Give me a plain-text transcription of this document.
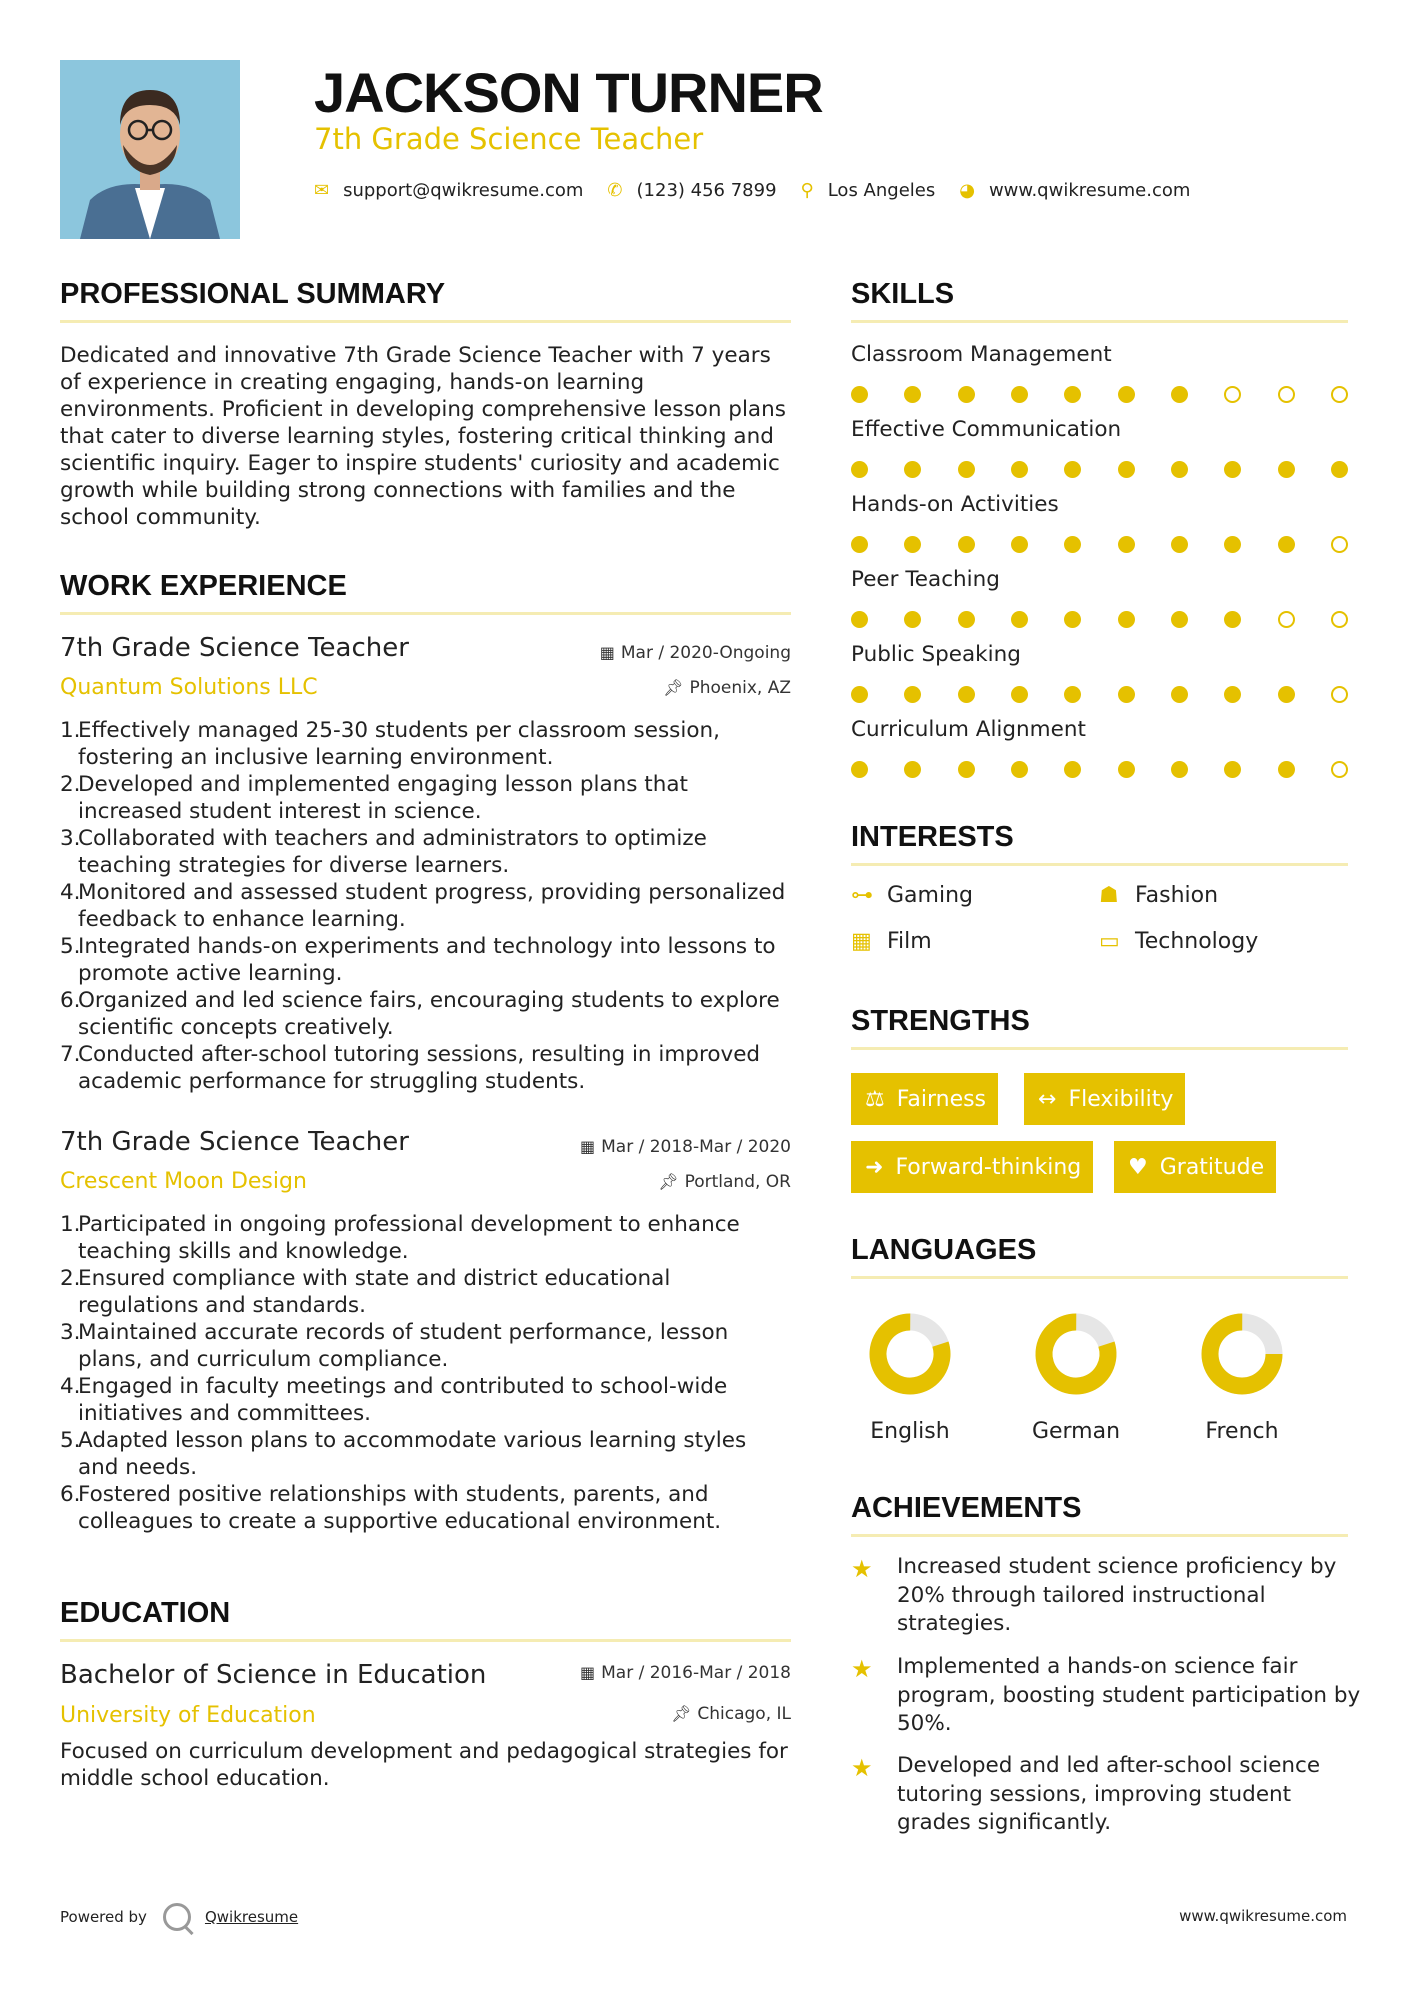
JACKSON TURNER
7th Grade Science Teacher
✉ support@qwikresume.com ✆ (123) 456 7899 ⚲ Los Angeles ◕ www.qwikresume.com
PROFESSIONAL SUMMARY
Dedicated and innovative 7th Grade Science Teacher with 7 years of experience in creating engaging, hands-on learning environments. Proficient in developing comprehensive lesson plans that cater to diverse learning styles, fostering critical thinking and scientific inquiry. Eager to inspire students' curiosity and academic growth while building strong connections with families and the school community.
WORK EXPERIENCE
7th Grade Science Teacher	▦ Mar / 2020-Ongoing
Quantum Solutions LLC	📌︎ Phoenix, AZ
1.
Effectively managed 25-30 students per classroom session, fostering an inclusive learning environment.
2.
Developed and implemented engaging lesson plans that increased student interest in science.
3.
Collaborated with teachers and administrators to optimize teaching strategies for diverse learners.
4.
Monitored and assessed student progress, providing personalized feedback to enhance learning.
5.
Integrated hands-on experiments and technology into lessons to promote active learning.
6.
Organized and led science fairs, encouraging students to explore scientific concepts creatively.
7.
Conducted after-school tutoring sessions, resulting in improved academic performance for struggling students.
7th Grade Science Teacher	▦ Mar / 2018-Mar / 2020
Crescent Moon Design	📌︎ Portland, OR
1.
Participated in ongoing professional development to enhance teaching skills and knowledge.
2.
Ensured compliance with state and district educational regulations and standards.
3.
Maintained accurate records of student performance, lesson plans, and curriculum compliance.
4.
Engaged in faculty meetings and contributed to school-wide initiatives and committees.
5.
Adapted lesson plans to accommodate various learning styles and needs.
6.
Fostered positive relationships with students, parents, and colleagues to create a supportive educational environment.
EDUCATION
Bachelor of Science in Education	▦ Mar / 2016-Mar / 2018
University of Education	📌︎ Chicago, IL
Focused on curriculum development and pedagogical strategies for middle school education.
SKILLS
Classroom Management
Effective Communication
Hands-on Activities
Peer Teaching
Public Speaking
Curriculum Alignment
INTERESTS
⊶ Gaming	☗ Fashion
▦ Film	▭ Technology
STRENGTHS
⚖ Fairness ↔ Flexibility
➜ Forward-thinking ♥ Gratitude
LANGUAGES
English	German	French
ACHIEVEMENTS
★	Increased student science proficiency by 20% through tailored instructional strategies.
★	Implemented a hands-on science fair program, boosting student participation by 50%.
★	Developed and led after-school science tutoring sessions, improving student grades significantly.
Powered by	Qwikresume	www.qwikresume.com
